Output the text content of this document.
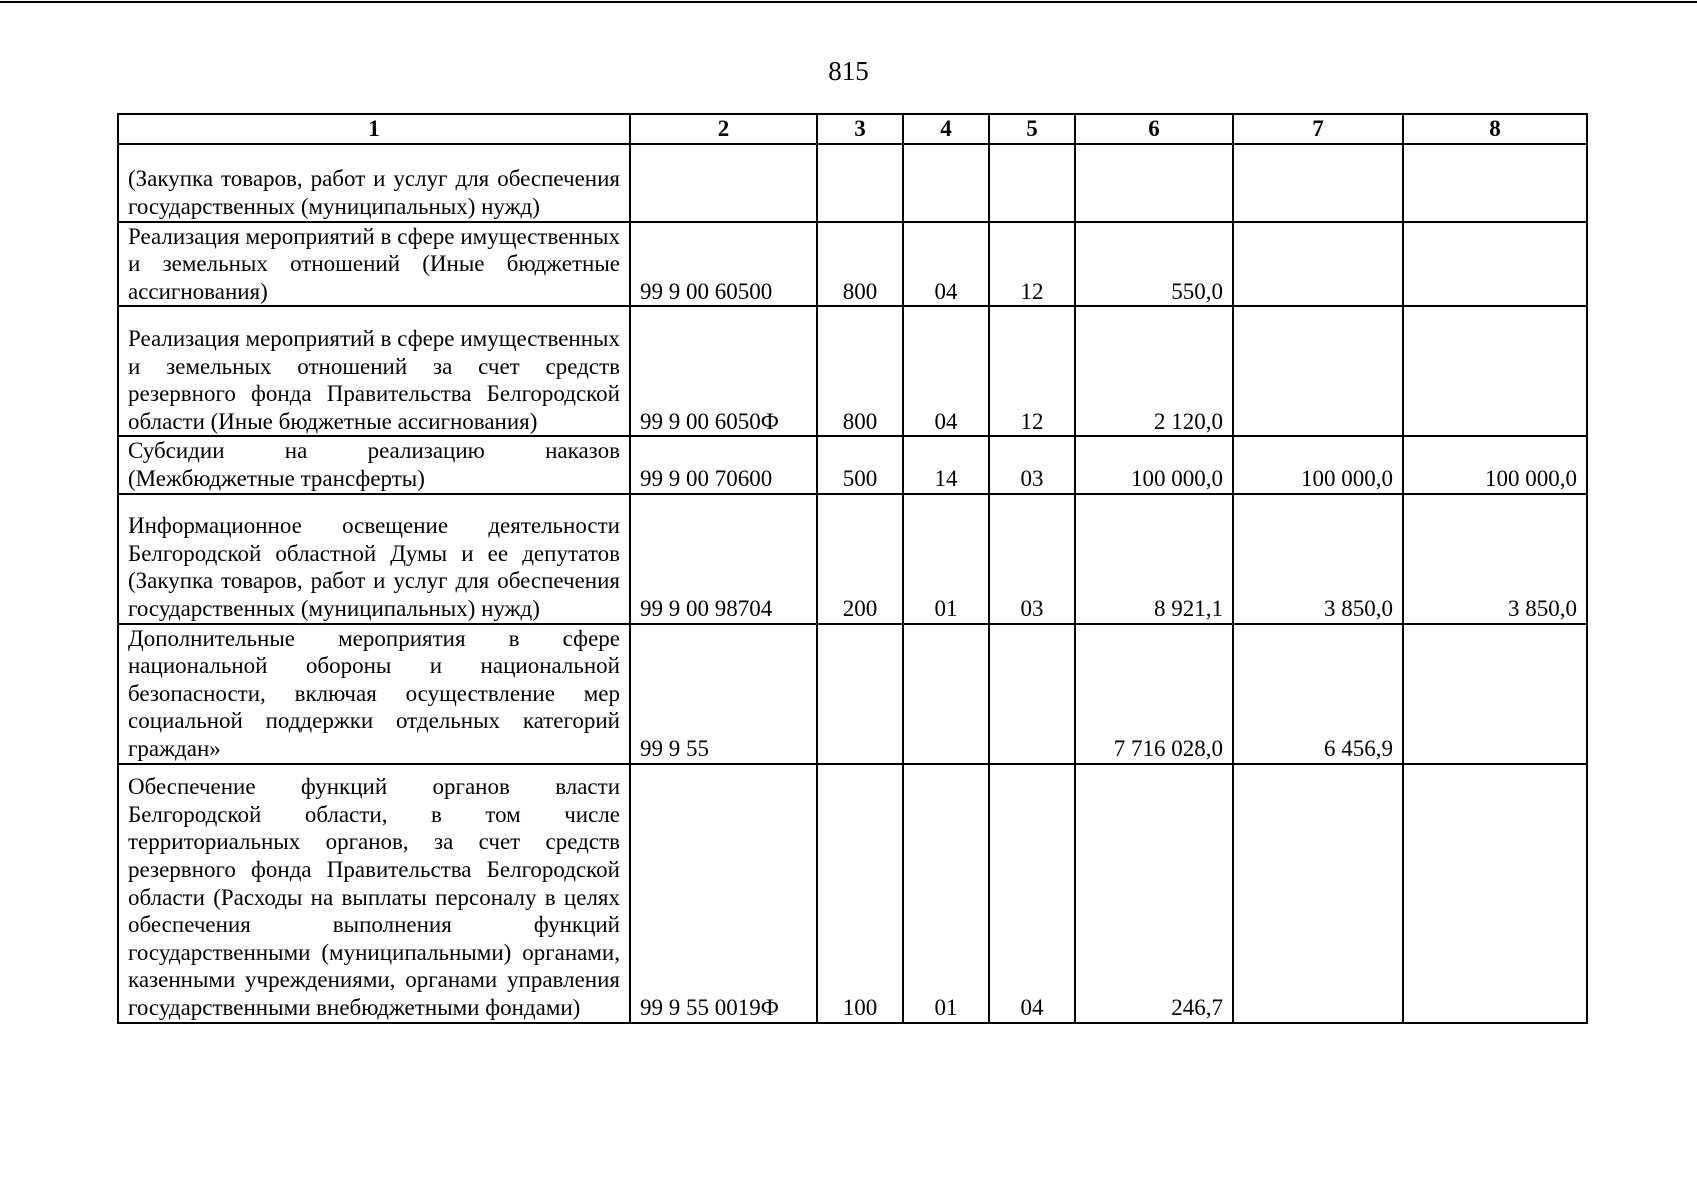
815
1	2	3	4	5	6	7	8
(Закупка товаров, работ и услуг для обеспечения государственных (муниципальных) нужд)							
Реализация мероприятий в сфере имущественных и земельных отношений (Иные бюджетные ассигнования)	99 9 00 60500	800	04	12	550,0		
Реализация мероприятий в сфере имущественных и земельных отношений за счет средств резервного фонда Правительства Белгородской области (Иные бюджетные ассигнования)	99 9 00 6050Ф	800	04	12	2 120,0		
Субсидии на реализацию наказов (Межбюджетные трансферты)	99 9 00 70600	500	14	03	100 000,0	100 000,0	100 000,0
Информационное освещение деятельности Белгородской областной Думы и ее депутатов (Закупка товаров, работ и услуг для обеспечения государственных (муниципальных) нужд)	99 9 00 98704	200	01	03	8 921,1	3 850,0	3 850,0
Дополнительные мероприятия в сфере национальной обороны и национальной безопасности, включая осуществление мер социальной поддержки отдельных категорий граждан»	99 9 55				7 716 028,0	6 456,9	
Обеспечение функций органов власти Белгородской области, в том числе территориальных органов, за счет средств резервного фонда Правительства Белгородской области (Расходы на выплаты персоналу в целях обеспечения выполнения функций государственными (муниципальными) органами, казенными учреждениями, органами управления государственными внебюджетными фондами)	99 9 55 0019Ф	100	01	04	246,7		
